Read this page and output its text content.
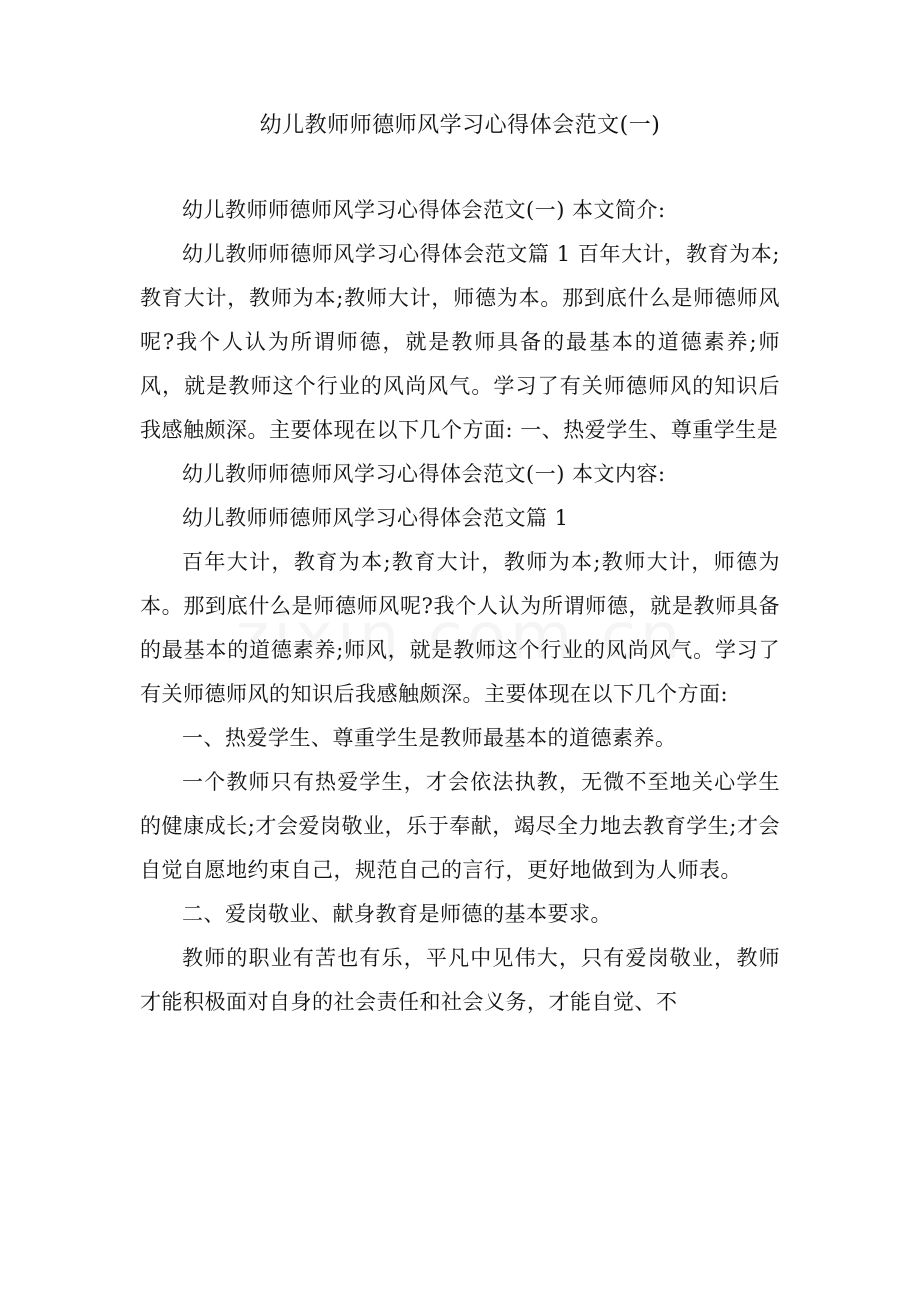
幼儿教师师德师风学习心得体会范文(一)

幼儿教师师德师风学习心得体会范文(一) 本文简介:

幼儿教师师德师风学习心得体会范文篇 1 百年大计，教育为本;教育大计，教师为本;教师大计，师德为本。那到底什么是师德师风呢?我个人认为所谓师德，就是教师具备的最基本的道德素养;师风，就是教师这个行业的风尚风气。学习了有关师德师风的知识后我感触颇深。主要体现在以下几个方面: 一、热爱学生、尊重学生是

幼儿教师师德师风学习心得体会范文(一) 本文内容:

幼儿教师师德师风学习心得体会范文篇 1

百年大计，教育为本;教育大计，教师为本;教师大计，师德为本。那到底什么是师德师风呢?我个人认为所谓师德，就是教师具备的最基本的道德素养;师风，就是教师这个行业的风尚风气。学习了有关师德师风的知识后我感触颇深。主要体现在以下几个方面:

一、热爱学生、尊重学生是教师最基本的道德素养。

一个教师只有热爱学生，才会依法执教，无微不至地关心学生的健康成长;才会爱岗敬业，乐于奉献，竭尽全力地去教育学生;才会自觉自愿地约束自己，规范自己的言行，更好地做到为人师表。

二、爱岗敬业、献身教育是师德的基本要求。

教师的职业有苦也有乐，平凡中见伟大，只有爱岗敬业，教师才能积极面对自身的社会责任和社会义务，才能自觉、不
